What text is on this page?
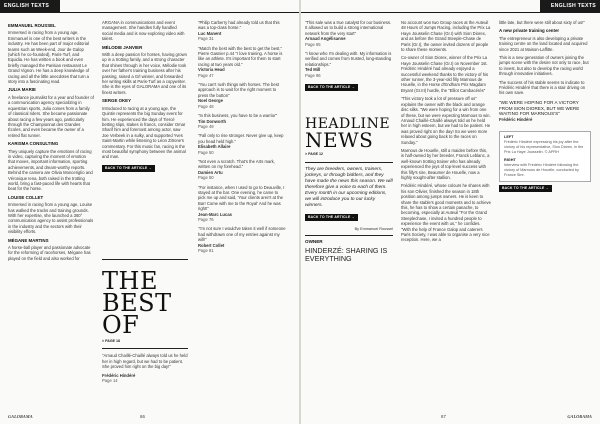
ENGLISH TEXTS
EMMANUEL ROUSSEL

Immersed in racing from a young age, Emmanuel is one of the best writers in the industry. He has been part of major editorial teams such as Week-end, Jour de Galop (which he co-founded), Paris-Turf, and Equidia. He has written a book and even briefly managed the Parisian restaurant Le Grand Vignon. He has a deep knowledge of racing and all the little anecdotes that turn a story into a fascinating read.

JULIA MARIE

A freelance journalist for a year and founder of a communication agency specializing in equestrian sports, Julia comes from a family of classical riders. She became passionate about racing a few years ago, particularly through the Championnat des Grandes Écoles, and even became the owner of a retired flat runner.

KARISMA CONSULTING

They uniquely capture the emotions of racing in video, capturing the moment of emotion that moves, important information, sporting achievements, and dream-worthy reports. Behind the camera are Olivia Monceriglio and Véronique Iena, both raised in the trotting world, bring a fast-paced life with hearts that beat for the horse.

LOUISE COLLET

Immersed in racing from a young age, Louise has walked the tracks and training grounds. With her expertise, she launched a 360° communication agency to assist professionals in the industry and the sectors with their visibility efforts.

MÉGANE MARTINS

A horse-ball player and passionate advocate for the reforming of racehorses, Mégane has played on the field and also worked for

ARGANA in communications and event management. She handles fully handled social media and is now exploring video with talent.

MÉLODIE JANVIER

With a deep passion for horses, having grown up in a trotting family, and a strong character that shines through in her voice, Mélodie took over her father's training business after his passing, raised a Grl winner, and forwarded her writing skills at Paris-Turf as a copywriter. She is the eyes of GALORAMA and one of its finest writers.

SERGE OKEY

Introduced to racing at a young age, the Quintin represents the big Sunday event for him. He experienced the days of Tiercé betting slips, stakes in francs, consider Omar Sharif him and foremost among actor, saw Joe Verbeek in a sulky, and supported Yves Saint-Martin while listening to Léon Zitrone's commentary. For this music fan, racing is the most beautiful symphony between the animal and man.

BACK TO THE ARTICLE →
THE BEST OF
> PAGE 18

"Arnaud Chaillé-Chaillé always told us he held her in high regard, but we had to be patient. She proved him right on the big day!"

Frédéric Hindéré
Page 14

"Philip Carberry had already told us that this was a top-class horse."

Luc Manent
Page 31

"Match the best with the best to get the best." Pierre Gasnier p.44 "I love training. A horse is like an athlete. It's important for them to start racing at two years old."

Victoria Head
Page 47

"You can't rush things with horses. The best approach is to wait for the right moment to press the button"

Noel George
Page 48

"In this business, you have to be a warrior"

Tim Donworth
Page 49

"Fall only to rise stronger. Never give up, keep you head held high."

Elisabeth Allaire
Page 50

"Not even a scratch. That's the Arts mark, written on my forehead."

Damien Artu
Page 50

"For instance, when I used to go to Deauville, I stayed at the bar. One evening, he came to pick me up and said, 'Your clients aren't at the Bar! Come with me to the Royal' And he was right!"

Jean-Marc Lucas
Page 76

"I'm not sure I would've taken it well if someone had withdrawn one of my entries against my will!"

Robert Collet
Page 81
GALORAMA	86
ENGLISH TEXTS

"This sale was a true catalyst for our business. It allowed us to build a strong international network from the very start"

Arnaud Angélisanne
Page 65

"I know who I'm dealing with. My information is verified and comes from trusted, long-standing relationships."

Ted Mill
Page 96
BACK TO THE ARTICLE →
HEADLINE
NEWS
> PAGE 12

They are breeders, owners, trainers, jockeys, or through bidders, and they have made the news this season. We will therefore give a voice to each of them. Every month in our upcoming editions, we will introduce you to our lucky winners.

BACK TO THE ARTICLE →
By Emmanuel Roussel
OWNER
HINDERZÉ: SHARING IS EVERYTHING

No account won two Group races at the Auteuil 48 Hours of Jumps Racing, including the Prix La Haye Jousselin Chase (Gr.I) with Sion Diorex, and as before the Grand Steeple-Chase de Paris (Gr.I), the owner invited dozens of people to share these moments.

Co-owner of Sion Diorex, winner of the Prix La Haye Jousselin Chase (Gr.I) on November 1st. Frédéric Hindéré had already enjoyed a successful weekend thanks to the victory of his other runner, the 3-year-old filly Marnous de Houelle, in the Horse d'Endham Prix Magdam Bryant (Gr.III) hurdle, the "Elliot Cambacérès"

"This victory took a lot of pressure off us" explains the owner with the black and orange disc silks. "We were hoping for a win from one of these, but we were expecting Marnous to win. Arnaud Chaillé-Chaillé always told us he held her in high esteem, but we had to be patient. He was proved right on the day! So we were more relaxed about going back to the races on Sunday."

Marnous de Houelle, still a maiden before this, is half-owned by her breeder, Franck Leblanc, a well-known trotting trainer who has already experienced the joys of top-level success with this filly's sire, Beaumer de Houelle, now a highly sought-after stallion.

Frédéric Hindéré, whose colours he shares with his son Olivier, finished the season in 18th position among jumps owners. He is keen to share the stable's good moments and to achieve this, he has to show a certain panache, to becoming, especially at Auteuil "For the Grand Steeplechase, I invited a hundred people to experience the event with us," he confides. "With the help of France Galop and caterers Paris Society, I was able to organise a very nice reception. Here, we a

little late, but there were still about sixty of us!"

A new private training center

The entrepreneur is also developing a private training centre on the land located and acquired since 2021 at Maison-Laffitte.

This is a new generation of owners joining the jumps scene with the desire not only to race, but to invest, but also to develop the racing world through innovative initiatives.

The success of his stable seems to indicate to Frédéric Hindéré that there is a stair driving on his own save.

"WE WERE HOPING FOR A VICTORY FROM SION DIOREX, BUT WE WERE WAITING FOR MARNOUS'S"
Frédéric Hindéré
LEFT
Frédéric Hindéré expressing his joy after the victory of his representative, Sion Diorex, in the Prix La Haye Jousselin. © APRH
RIGHT
Interview with Frédéric Hindéré following the victory of Marnous de Houelle, conducted by France Sire.
BACK TO THE ARTICLE →
87	GALORAMA
